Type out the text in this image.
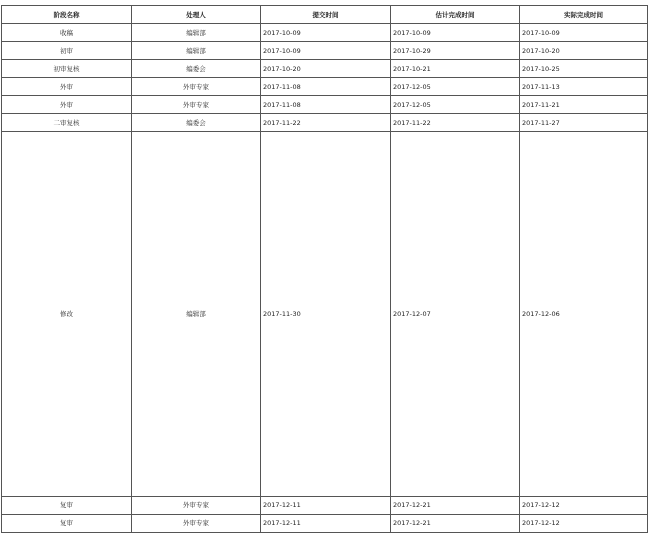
阶段名称	处理人	提交时间	估计完成时间	实际完成时间
收稿	编辑部	2017-10-09	2017-10-09	2017-10-09
初审	编辑部	2017-10-09	2017-10-29	2017-10-20
初审复核	编委会	2017-10-20	2017-10-21	2017-10-25
外审	外审专家	2017-11-08	2017-12-05	2017-11-13
外审	外审专家	2017-11-08	2017-12-05	2017-11-21
二审复核	编委会	2017-11-22	2017-11-22	2017-11-27
修改	编辑部	2017-11-30	2017-12-07	2017-12-06
复审	外审专家	2017-12-11	2017-12-21	2017-12-12
复审	外审专家	2017-12-11	2017-12-21	2017-12-12
